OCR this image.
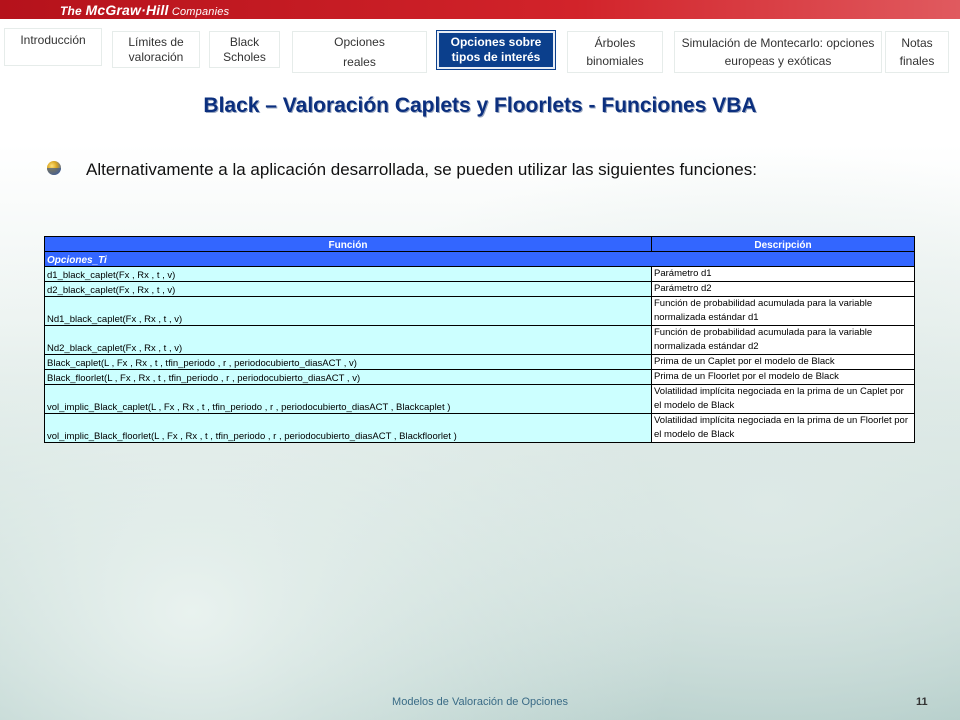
The McGraw·Hill Companies
Introducción	Límites de valoración
Black Scholes
Opciones reales
Opciones sobre tipos de interés
Árboles binomiales
Simulación de Montecarlo: opciones europeas y exóticas
Notas finales
Black – Valoración Caplets y Floorlets - Funciones VBA
Alternativamente a la aplicación desarrollada, se pueden utilizar las siguientes funciones:
Función	Descripción
Opciones_Ti	
d1_black_caplet(Fx , Rx , t , v)	Parámetro d1
d2_black_caplet(Fx , Rx , t , v)	Parámetro d2
Nd1_black_caplet(Fx , Rx , t , v)	Función de probabilidad acumulada para la variable normalizada estándar d1
Nd2_black_caplet(Fx , Rx , t , v)	Función de probabilidad acumulada para la variable normalizada estándar d2
Black_caplet(L , Fx , Rx , t , tfin_periodo , r , periodocubierto_diasACT , v)	Prima de un Caplet por el modelo de Black
Black_floorlet(L , Fx , Rx , t , tfin_periodo , r , periodocubierto_diasACT , v)	Prima de un Floorlet por el modelo de Black
vol_implic_Black_caplet(L , Fx , Rx , t , tfin_periodo , r , periodocubierto_diasACT , Blackcaplet )	Volatilidad implícita negociada en la prima de un Caplet por el modelo de Black
vol_implic_Black_floorlet(L , Fx , Rx , t , tfin_periodo , r , periodocubierto_diasACT , Blackfloorlet )	Volatilidad implícita negociada en la prima de un Floorlet por el modelo de Black
Modelos de Valoración de Opciones	11
